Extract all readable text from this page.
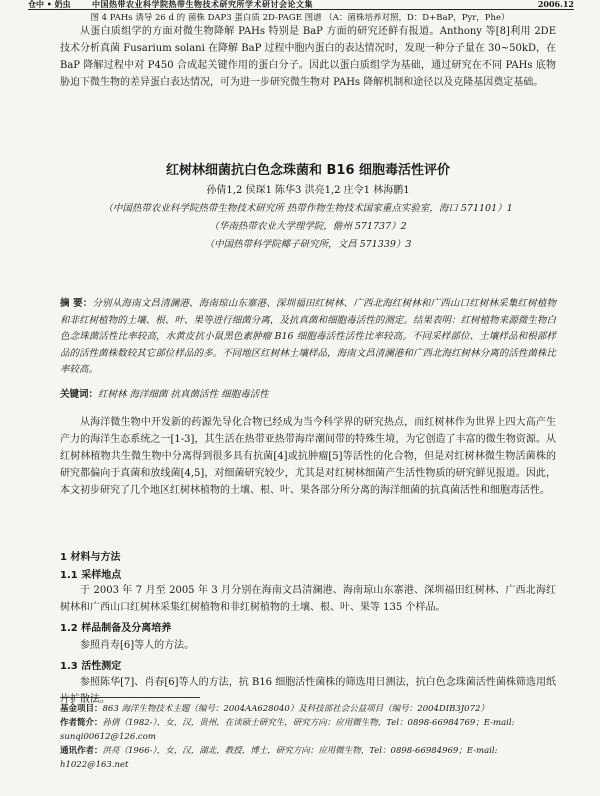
仓中 • 奶虫	中国热带农业科学院热带生物技术研究所学术研讨会论文集	2006.12
图 4 PAHs 诱导 26 d 的 菌株 DAP3 蛋白质 2D-PAGE 图谱 （A：菌株培养对照，D：D+BaP，Pyr，Phe）
从蛋白质组学的方面对微生物降解 PAHs 特别是 BaP 方面的研究还鲜有报道。Anthony 等[8]利用 2DE 技术分析真菌 Fusarium solani 在降解 BaP 过程中胞内蛋白的表达情况时，发现一种分子量在 30~50kD，在 BaP 降解过程中对 P450 合成起关键作用的蛋白分子。因此以蛋白质组学为基础，通过研究在不同 PAHs 底物胁迫下微生物的差异蛋白表达情况，可为进一步研究微生物对 PAHs 降解机制和途径以及克隆基因奠定基础。
红树林细菌抗白色念珠菌和 B16 细胞毒活性评价
孙倩1,2 侯琛1 陈华3 洪亮1,2 庄令1 林海鹏1
（中国热带农业科学院热带生物技术研究所 热带作物生物技术国家重点实验室，海口 571101）1
（华南热带农业大学理学院，儋州 571737）2
（中国热带科学院椰子研究所，文昌 571339）3
摘 要：分别从海南文昌清澜港、海南琼山东寨港、深圳福田红树林、广西北海红树林和广西山口红树林采集红树植物和非红树植物的土壤、根、叶、果等进行细菌分离，及抗真菌和细胞毒活性的测定。结果表明：红树植物来源微生物白色念珠菌活性比率较高，水黄皮抗小鼠黑色素肿瘤 B16 细胞毒活性活性比率较高。不同采样部位、土壤样品和根部样品的活性菌株数较其它部位样品的多。不同地区红树林土壤样品，海南文昌清澜港和广西北海红树林分离的活性菌株比率较高。
关键词：红树林 海洋细菌 抗真菌活性 细胞毒活性
从海洋微生物中开发新的药源先导化合物已经成为当今科学界的研究热点，而红树林作为世界上四大高产生产力的海洋生态系统之一[1-3]，其生活在热带亚热带海岸潮间带的特殊生境，为它创造了丰富的微生物资源。从红树林植物共生微生物中分离得到很多具有抗菌[4]或抗肿瘤[5]等活性的化合物，但是对红树林微生物活菌株的研究都偏向于真菌和放线菌[4,5]，对细菌研究较少，尤其是对红树林细菌产生活性物质的研究鲜见报道。因此，本文初步研究了几个地区红树林植物的土壤、根、叶、果各部分所分离的海洋细菌的抗真菌活性和细胞毒活性。
1 材料与方法
1.1 采样地点
于 2003 年 7 月至 2005 年 3 月分别在海南文昌清澜港、海南琼山东寨港、深圳福田红树林、广西北海红树林和广西山口红树林采集红树植物和非红树植物的土壤、根、叶、果等 135 个样品。
1.2 样品制备及分离培养
参照肖寿[6]等人的方法。
1.3 活性测定
参照陈华[7]、肖春[6]等人的方法，抗 B16 细胞活性菌株的筛选用日测法，抗白色念珠菌活性菌株筛选用纸片扩散法。
基金项目：863 海洋生物技术主题（编号：2004AA628040）及科技部社会公益项目（编号：2004DIB3J072）
作者简介：孙倩（1982-），女，汉，贵州，在读硕士研究生，研究方向：应用微生物，Tel：0898-66984769；E-mail: sunqi00612@126.com
通讯作者：洪亮（1966-），女，汉，湖北，教授，博士，研究方向：应用微生物，Tel：0898-66984969；E-mail: h1022@163.net
